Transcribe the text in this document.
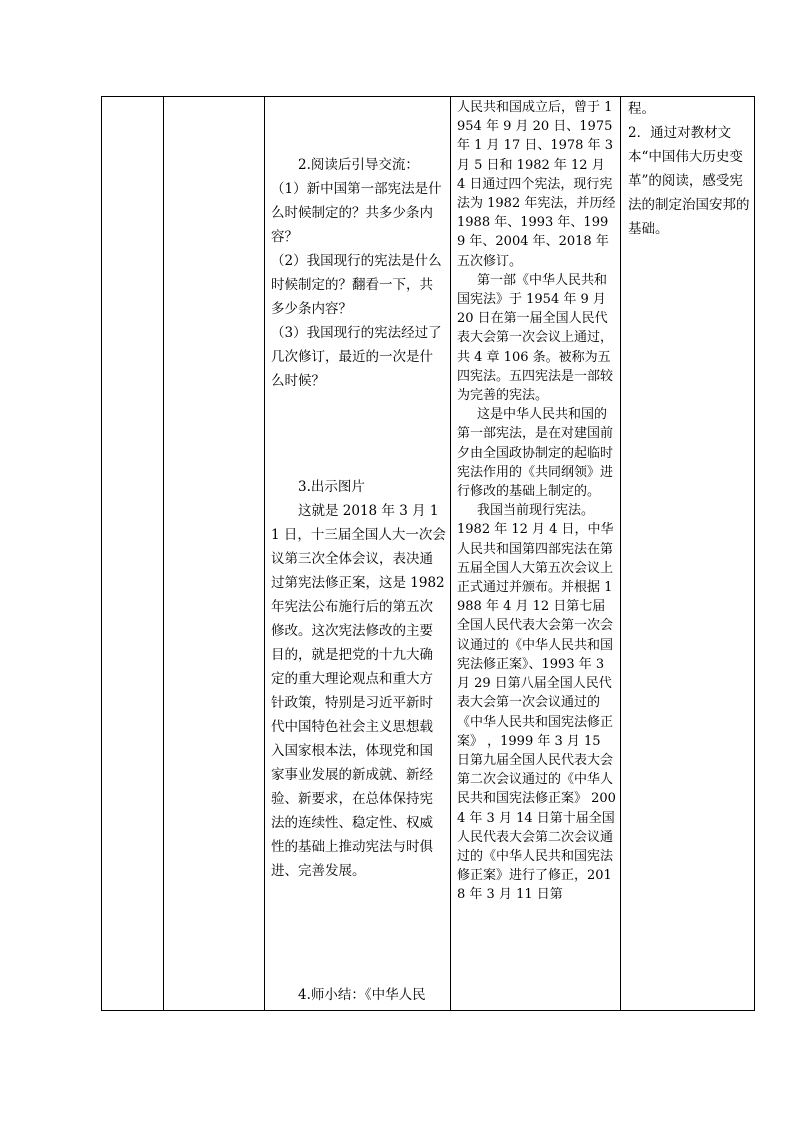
2.阅读后引导交流：

（1）新中国第一部宪法是什么时候制定的？共多少条内容？

（2）我国现行的宪法是什么时候制定的？翻看一下，共多少条内容？

（3）我国现行的宪法经过了几次修订，最近的一次是什么时候？

3.出示图片

这就是 2018 年 3 月 11 日，十三届全国人大一次会议第三次全体会议，表决通过第宪法修正案，这是 1982 年宪法公布施行后的第五次修改。这次宪法修改的主要目的，就是把党的十九大确定的重大理论观点和重大方针政策，特别是习近平新时代中国特色社会主义思想载入国家根本法，体现党和国家事业发展的新成就、新经验、新要求，在总体保持宪法的连续性、稳定性、权威性的基础上推动宪法与时俱进、完善发展。

4.师小结：《中华人民

人民共和国成立后，曾于 1954 年 9 月 20 日、1975 年 1 月 17 日、1978 年 3 月 5 日和 1982 年 12 月 4 日通过四个宪法，现行宪法为 1982 年宪法，并历经 1988 年、1993 年、1999 年、2004 年、2018 年五次修订。

第一部《中华人民共和国宪法》于 1954 年 9 月 20 日在第一届全国人民代表大会第一次会议上通过，共 4 章 106 条。被称为五四宪法。五四宪法是一部较为完善的宪法。

这是中华人民共和国的第一部宪法，是在对建国前夕由全国政协制定的起临时宪法作用的《共同纲领》进行修改的基础上制定的。

我国当前现行宪法。

1982 年 12 月 4 日，中华人民共和国第四部宪法在第五届全国人大第五次会议上正式通过并颁布。并根据 1988 年 4 月 12 日第七届全国人民代表大会第一次会议通过的《中华人民共和国宪法修正案》、1993 年 3 月 29 日第八届全国人民代表大会第一次会议通过的《中华人民共和国宪法修正案》 ，1999 年 3 月 15 日第九届全国人民代表大会第二次会议通过的《中华人民共和国宪法修正案》 2004 年 3 月 14 日第十届全国人民代表大会第二次会议通过的《中华人民共和国宪法修正案》进行了修正，2018 年 3 月 11 日第

程。

2．通过对教材文本“中国伟大历史变革”的阅读，感受宪法的制定治国安邦的基础。
